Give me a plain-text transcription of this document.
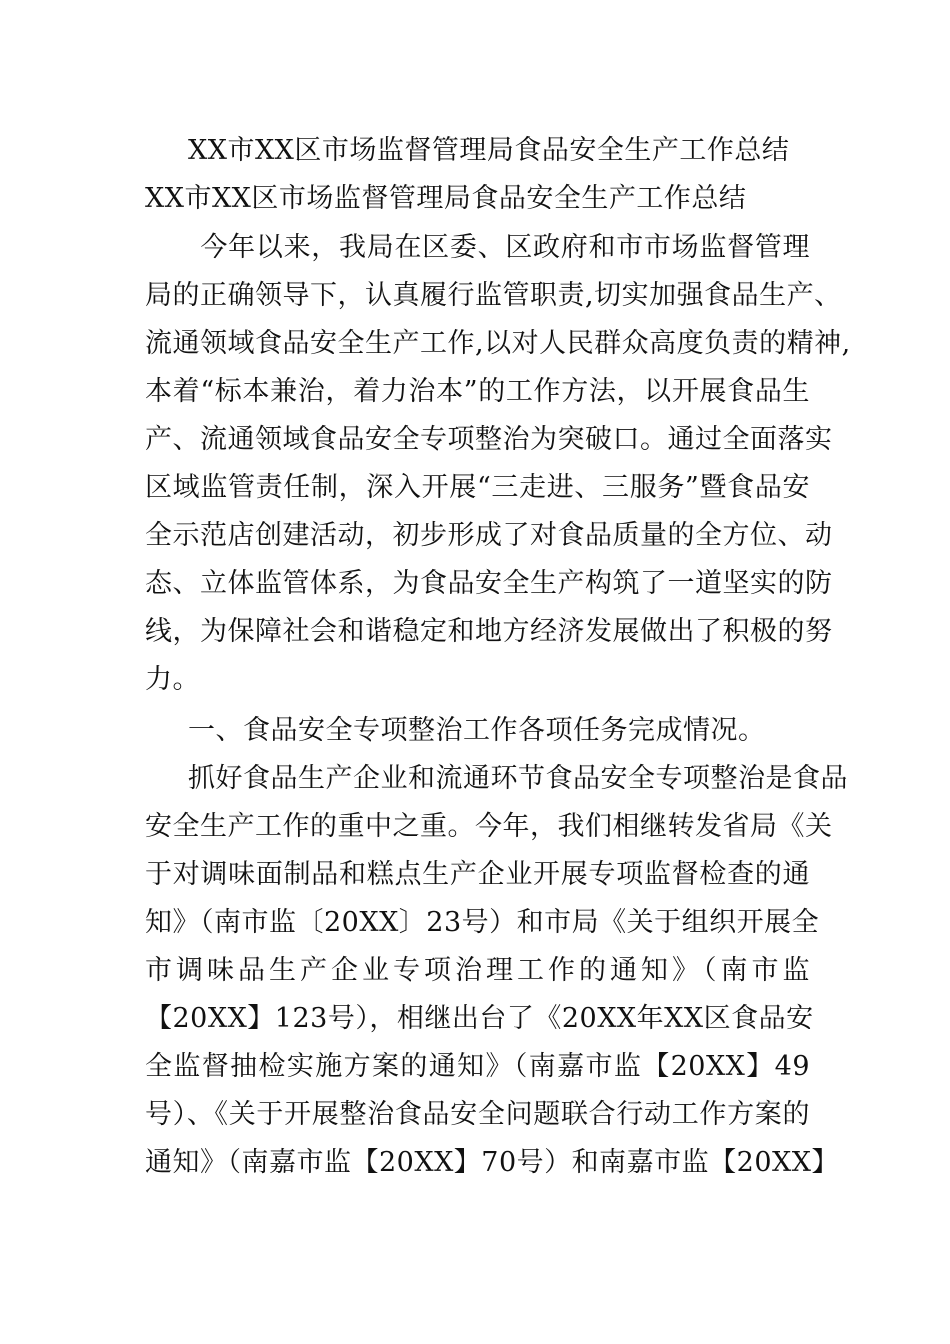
XX市XX区市场监督管理局食品安全生产工作总结
XX市XX区市场监督管理局食品安全生产工作总结
　　今年以来，我局在区委、区政府和市市场监督管理
局的正确领导下，认真履行监管职责,切实加强食品生产、
流通领域食品安全生产工作,以对人民群众高度负责的精神,
本着“标本兼治，着力治本”的工作方法，以开展食品生
产、流通领域食品安全专项整治为突破口。通过全面落实
区域监管责任制，深入开展“三走进、三服务”暨食品安
全示范店创建活动，初步形成了对食品质量的全方位、动
态、立体监管体系，为食品安全生产构筑了一道坚实的防
线，为保障社会和谐稳定和地方经济发展做出了积极的努
力。
一、食品安全专项整治工作各项任务完成情况。
抓好食品生产企业和流通环节食品安全专项整治是食品
安全生产工作的重中之重。今年，我们相继转发省局《关
于对调味面制品和糕点生产企业开展专项监督检查的通
知》（南市监〔20XX〕23号）和市局《关于组织开展全
市调味品生产企业专项治理工作的通知》（南市监
【20XX】123号），相继出台了《20XX年XX区食品安
全监督抽检实施方案的通知》（南嘉市监【20XX】49
号）、《关于开展整治食品安全问题联合行动工作方案的
通知》（南嘉市监【20XX】70号）和南嘉市监【20XX】
